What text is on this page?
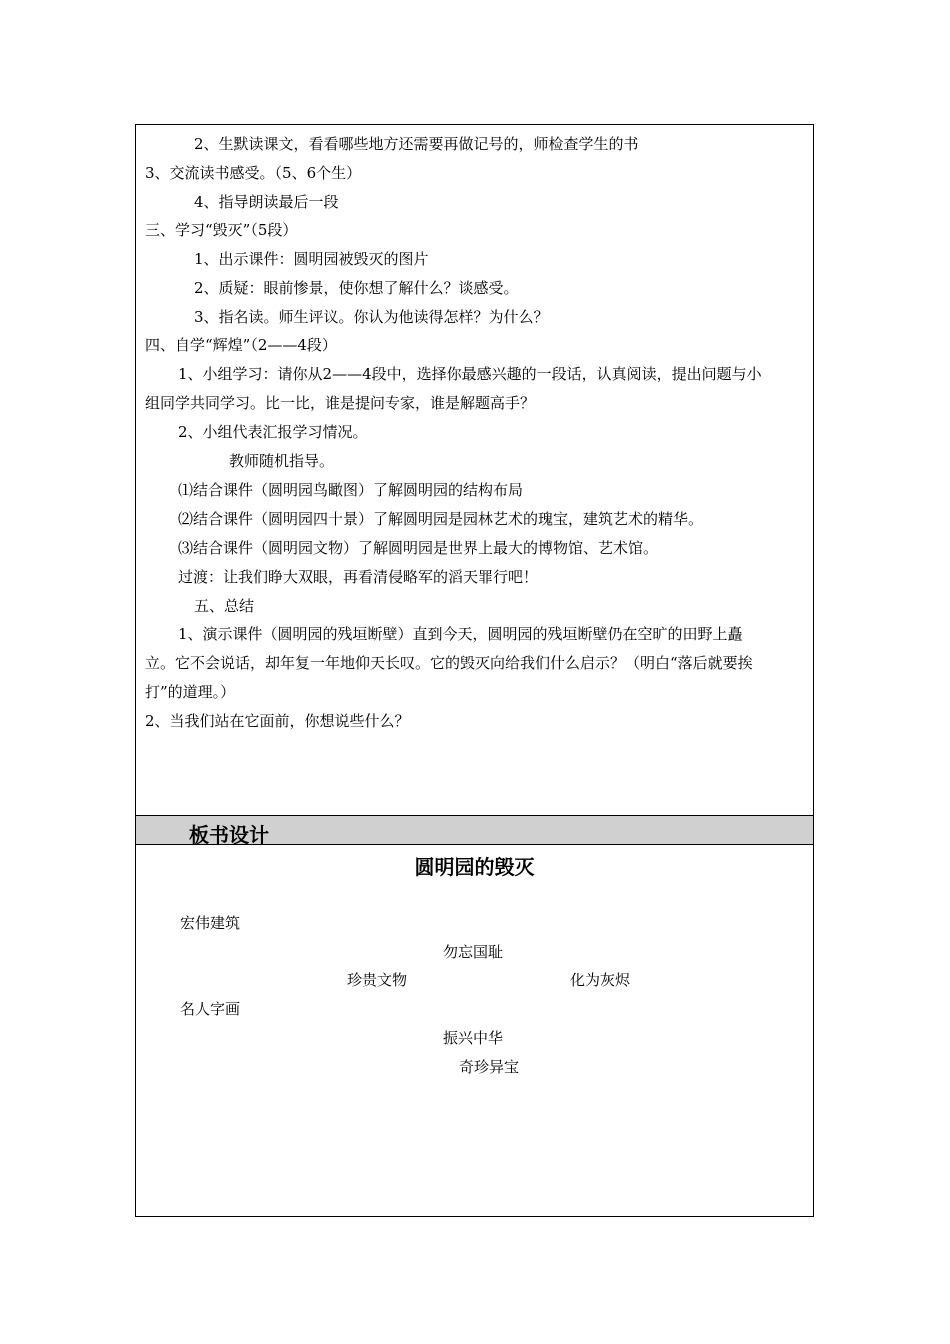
2、生默读课文，看看哪些地方还需要再做记号的，师检查学生的书
3、交流读书感受。（5、6个生）
4、指导朗读最后一段
三、学习“毁灭”（5段）
1、出示课件：圆明园被毁灭的图片
2、质疑：眼前惨景，使你想了解什么？谈感受。
3、指名读。师生评议。你认为他读得怎样？为什么？
四、自学“辉煌”（2——4段）
1、小组学习：请你从2——4段中，选择你最感兴趣的一段话，认真阅读，提出问题与小
组同学共同学习。比一比，谁是提问专家，谁是解题高手？
2、小组代表汇报学习情况。
教师随机指导。
⑴结合课件（圆明园鸟瞰图）了解圆明园的结构布局
⑵结合课件（圆明园四十景）了解圆明园是园林艺术的瑰宝，建筑艺术的精华。
⑶结合课件（圆明园文物）了解圆明园是世界上最大的博物馆、艺术馆。
过渡：让我们睁大双眼，再看清侵略军的滔天罪行吧！
五、总结
1、演示课件（圆明园的残垣断壁）直到今天，圆明园的残垣断壁仍在空旷的田野上矗
立。它不会说话，却年复一年地仰天长叹。它的毁灭向给我们什么启示？（明白“落后就要挨
打”的道理。）
2、当我们站在它面前，你想说些什么？
板书设计
圆明园的毁灭
宏伟建筑
勿忘国耻
珍贵文物	化为灰烬
名人字画
振兴中华
奇珍异宝
